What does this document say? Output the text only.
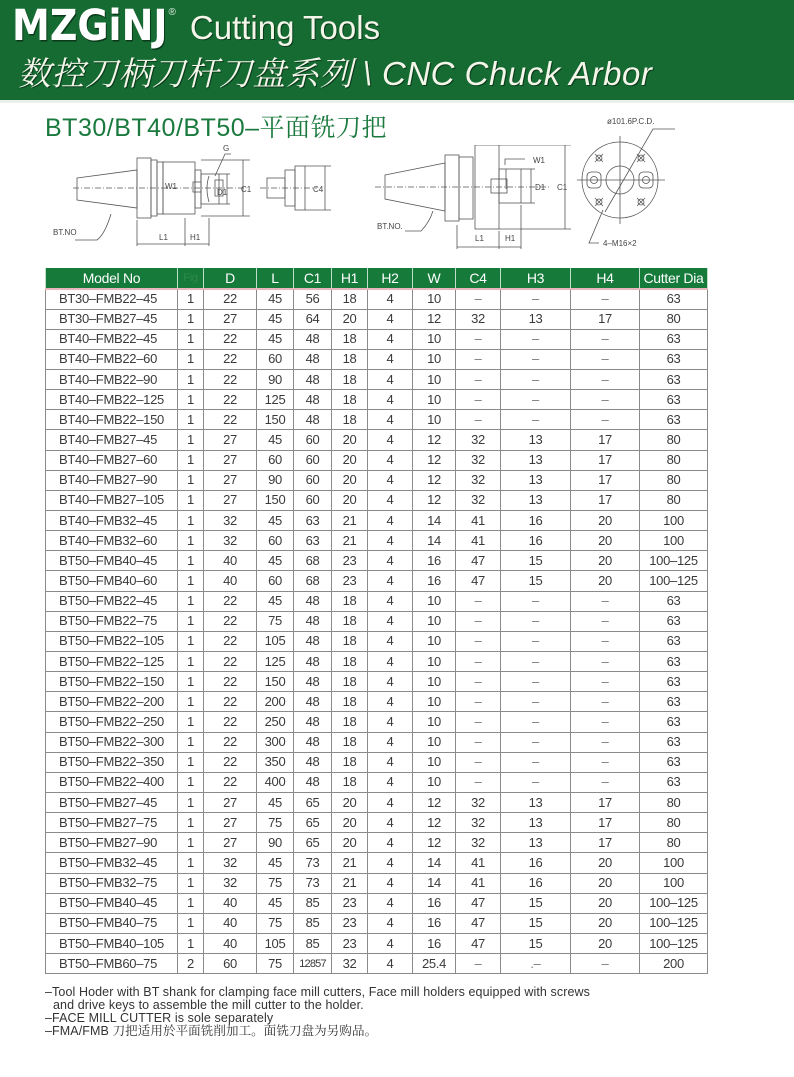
MZGiNJ ® Cutting Tools
数控刀柄刀杆刀盘系列 \ CNC Chuck Arbor
BT30/BT40/BT50–平面铣刀把
G
W1
D1 C1	C4
BT.NO
L1	H1
W1
D1 C1
BT.NO.
L1	H1
ø101.6P.C.D.
4–M16×2
Model No	Fig	D	L	C1	H1	H2	W	C4	H3	H4	Cutter Dia
BT30–FMB22–45	1	22	45	56	18	4	10	–	–	–	63
BT30–FMB27–45	1	27	45	64	20	4	12	32	13	17	80
BT40–FMB22–45	1	22	45	48	18	4	10	–	–	–	63
BT40–FMB22–60	1	22	60	48	18	4	10	–	–	–	63
BT40–FMB22–90	1	22	90	48	18	4	10	–	–	–	63
BT40–FMB22–125	1	22	125	48	18	4	10	–	–	–	63
BT40–FMB22–150	1	22	150	48	18	4	10	–	–	–	63
BT40–FMB27–45	1	27	45	60	20	4	12	32	13	17	80
BT40–FMB27–60	1	27	60	60	20	4	12	32	13	17	80
BT40–FMB27–90	1	27	90	60	20	4	12	32	13	17	80
BT40–FMB27–105	1	27	150	60	20	4	12	32	13	17	80
BT40–FMB32–45	1	32	45	63	21	4	14	41	16	20	100
BT40–FMB32–60	1	32	60	63	21	4	14	41	16	20	100
BT50–FMB40–45	1	40	45	68	23	4	16	47	15	20	100–125
BT50–FMB40–60	1	40	60	68	23	4	16	47	15	20	100–125
BT50–FMB22–45	1	22	45	48	18	4	10	–	–	–	63
BT50–FMB22–75	1	22	75	48	18	4	10	–	–	–	63
BT50–FMB22–105	1	22	105	48	18	4	10	–	–	–	63
BT50–FMB22–125	1	22	125	48	18	4	10	–	–	–	63
BT50–FMB22–150	1	22	150	48	18	4	10	–	–	–	63
BT50–FMB22–200	1	22	200	48	18	4	10	–	–	–	63
BT50–FMB22–250	1	22	250	48	18	4	10	–	–	–	63
BT50–FMB22–300	1	22	300	48	18	4	10	–	–	–	63
BT50–FMB22–350	1	22	350	48	18	4	10	–	–	–	63
BT50–FMB22–400	1	22	400	48	18	4	10	–	–	–	63
BT50–FMB27–45	1	27	45	65	20	4	12	32	13	17	80
BT50–FMB27–75	1	27	75	65	20	4	12	32	13	17	80
BT50–FMB27–90	1	27	90	65	20	4	12	32	13	17	80
BT50–FMB32–45	1	32	45	73	21	4	14	41	16	20	100
BT50–FMB32–75	1	32	75	73	21	4	14	41	16	20	100
BT50–FMB40–45	1	40	45	85	23	4	16	47	15	20	100–125
BT50–FMB40–75	1	40	75	85	23	4	16	47	15	20	100–125
BT50–FMB40–105	1	40	105	85	23	4	16	47	15	20	100–125
BT50–FMB60–75	2	60	75	12857	32	4	25.4	–	.–	–	200
–Tool Hoder with BT shank for clamping face mill cutters, Face mill holders equipped with screws
and drive keys to assemble the mill cutter to the holder.
–FACE MILL CUTTER is sole separately
–FMA/FMB 刀把适用於平面铣削加工。面铣刀盘为另购品。
